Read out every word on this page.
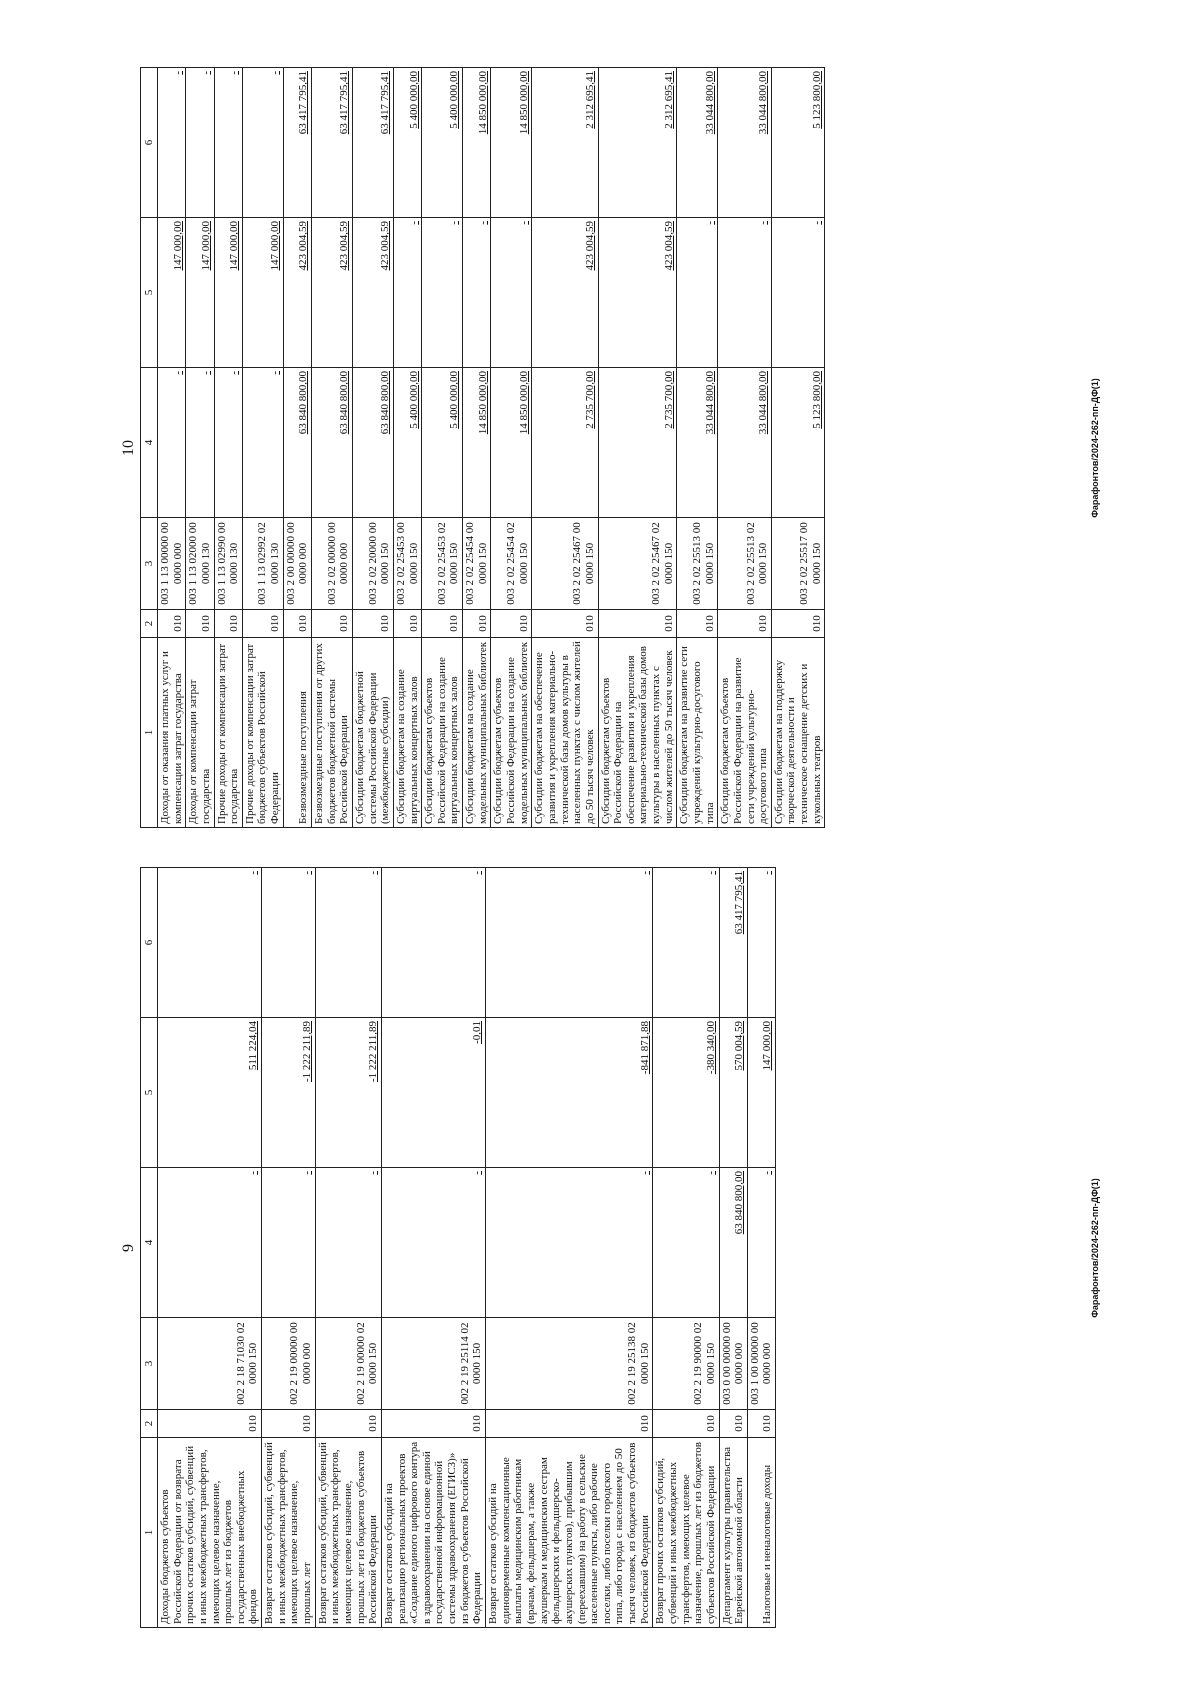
9
1	2	3	4	5	6
Доходы бюджетов субъектов Российской Федерации от возврата прочих остатков субсидий, субвенций и иных межбюджетных трансфертов, имеющих целевое назначение, прошлых лет из бюджетов государственных внебюджетных фондов	010	002 2 18 71030 02 0000 150	-	511 224,04	-
Возврат остатков субсидий, субвенций и иных межбюджетных трансфертов, имеющих целевое назначение, прошлых лет	010	002 2 19 00000 00 0000 000	-	-1 222 211,89	-
Возврат остатков субсидий, субвенций и иных межбюджетных трансфертов, имеющих целевое назначение, прошлых лет из бюджетов субъектов Российской Федерации	010	002 2 19 00000 02 0000 150	-	-1 222 211,89	-
Возврат остатков субсидий на реализацию региональных проектов «Создание единого цифрового контура в здравоохранении на основе единой государственной информационной системы здравоохранения (ЕГИСЗ)» из бюджетов субъектов Российской Федерации	010	002 2 19 25114 02 0000 150	-	-0,01	-
Возврат остатков субсидий на единовременные компенсационные выплаты медицинским работникам (врачам, фельдшерам, а также акушеркам и медицинским сестрам фельдшерских и фельдшерско-акушерских пунктов), прибывшим (переехавшим) на работу в сельские населенные пункты, либо рабочие поселки, либо поселки городского типа, либо города с населением до 50 тысяч человек, из бюджетов субъектов Российской Федерации	010	002 2 19 25138 02 0000 150	-	-841 871,88	-
Возврат прочих остатков субсидий, субвенций и иных межбюджетных трансфертов, имеющих целевое назначение, прошлых лет из бюджетов субъектов Российской Федерации	010	002 2 19 90000 02 0000 150	-	-380 340,00	-
Департамент культуры правительства Еврейской автономной области	010	003 0 00 00000 00 0000 000	63 840 800,00	570 004,59	63 417 795,41
Налоговые и неналоговые доходы	010	003 1 00 00000 00 0000 000	-	147 000,00	-
Фарафонтов/2024-262-пп-ДФ(1)
10
1	2	3	4	5	6
Доходы от оказания платных услуг и компенсации затрат государства	010	003 1 13 00000 00 0000 000	-	147 000,00	-
Доходы от компенсации затрат государства	010	003 1 13 02000 00 0000 130	-	147 000,00	-
Прочие доходы от компенсации затрат государства	010	003 1 13 02990 00 0000 130	-	147 000,00	-
Прочие доходы от компенсации затрат бюджетов субъектов Российской Федерации	010	003 1 13 02992 02 0000 130	-	147 000,00	-
Безвозмездные поступления	010	003 2 00 00000 00 0000 000	63 840 800,00	423 004,59	63 417 795,41
Безвозмездные поступления от других бюджетов бюджетной системы Российской Федерации	010	003 2 02 00000 00 0000 000	63 840 800,00	423 004,59	63 417 795,41
Субсидии бюджетам бюджетной системы Российской Федерации (межбюджетные субсидии)	010	003 2 02 20000 00 0000 150	63 840 800,00	423 004,59	63 417 795,41
Субсидии бюджетам на создание виртуальных концертных залов	010	003 2 02 25453 00 0000 150	5 400 000,00	-	5 400 000,00
Субсидии бюджетам субъектов Российской Федерации на создание виртуальных концертных залов	010	003 2 02 25453 02 0000 150	5 400 000,00	-	5 400 000,00
Субсидии бюджетам на создание модельных муниципальных библиотек	010	003 2 02 25454 00 0000 150	14 850 000,00	-	14 850 000,00
Субсидии бюджетам субъектов Российской Федерации на создание модельных муниципальных библиотек	010	003 2 02 25454 02 0000 150	14 850 000,00	-	14 850 000,00
Субсидии бюджетам на обеспечение развития и укрепления материально-технической базы домов культуры в населенных пунктах с числом жителей до 50 тысяч человек	010	003 2 02 25467 00 0000 150	2 735 700,00	423 004,59	2 312 695,41
Субсидии бюджетам субъектов Российской Федерации на обеспечение развития и укрепления материально-технической базы домов культуры в населенных пунктах с числом жителей до 50 тысяч человек	010	003 2 02 25467 02 0000 150	2 735 700,00	423 004,59	2 312 695,41
Субсидии бюджетам на развитие сети учреждений культурно-досугового типа	010	003 2 02 25513 00 0000 150	33 044 800,00	-	33 044 800,00
Субсидии бюджетам субъектов Российской Федерации на развитие сети учреждений культурно-досугового типа	010	003 2 02 25513 02 0000 150	33 044 800,00	-	33 044 800,00
Субсидии бюджетам на поддержку творческой деятельности и техническое оснащение детских и кукольных театров	010	003 2 02 25517 00 0000 150	5 123 800,00	-	5 123 800,00
Фарафонтов/2024-262-пп-ДФ(1)
